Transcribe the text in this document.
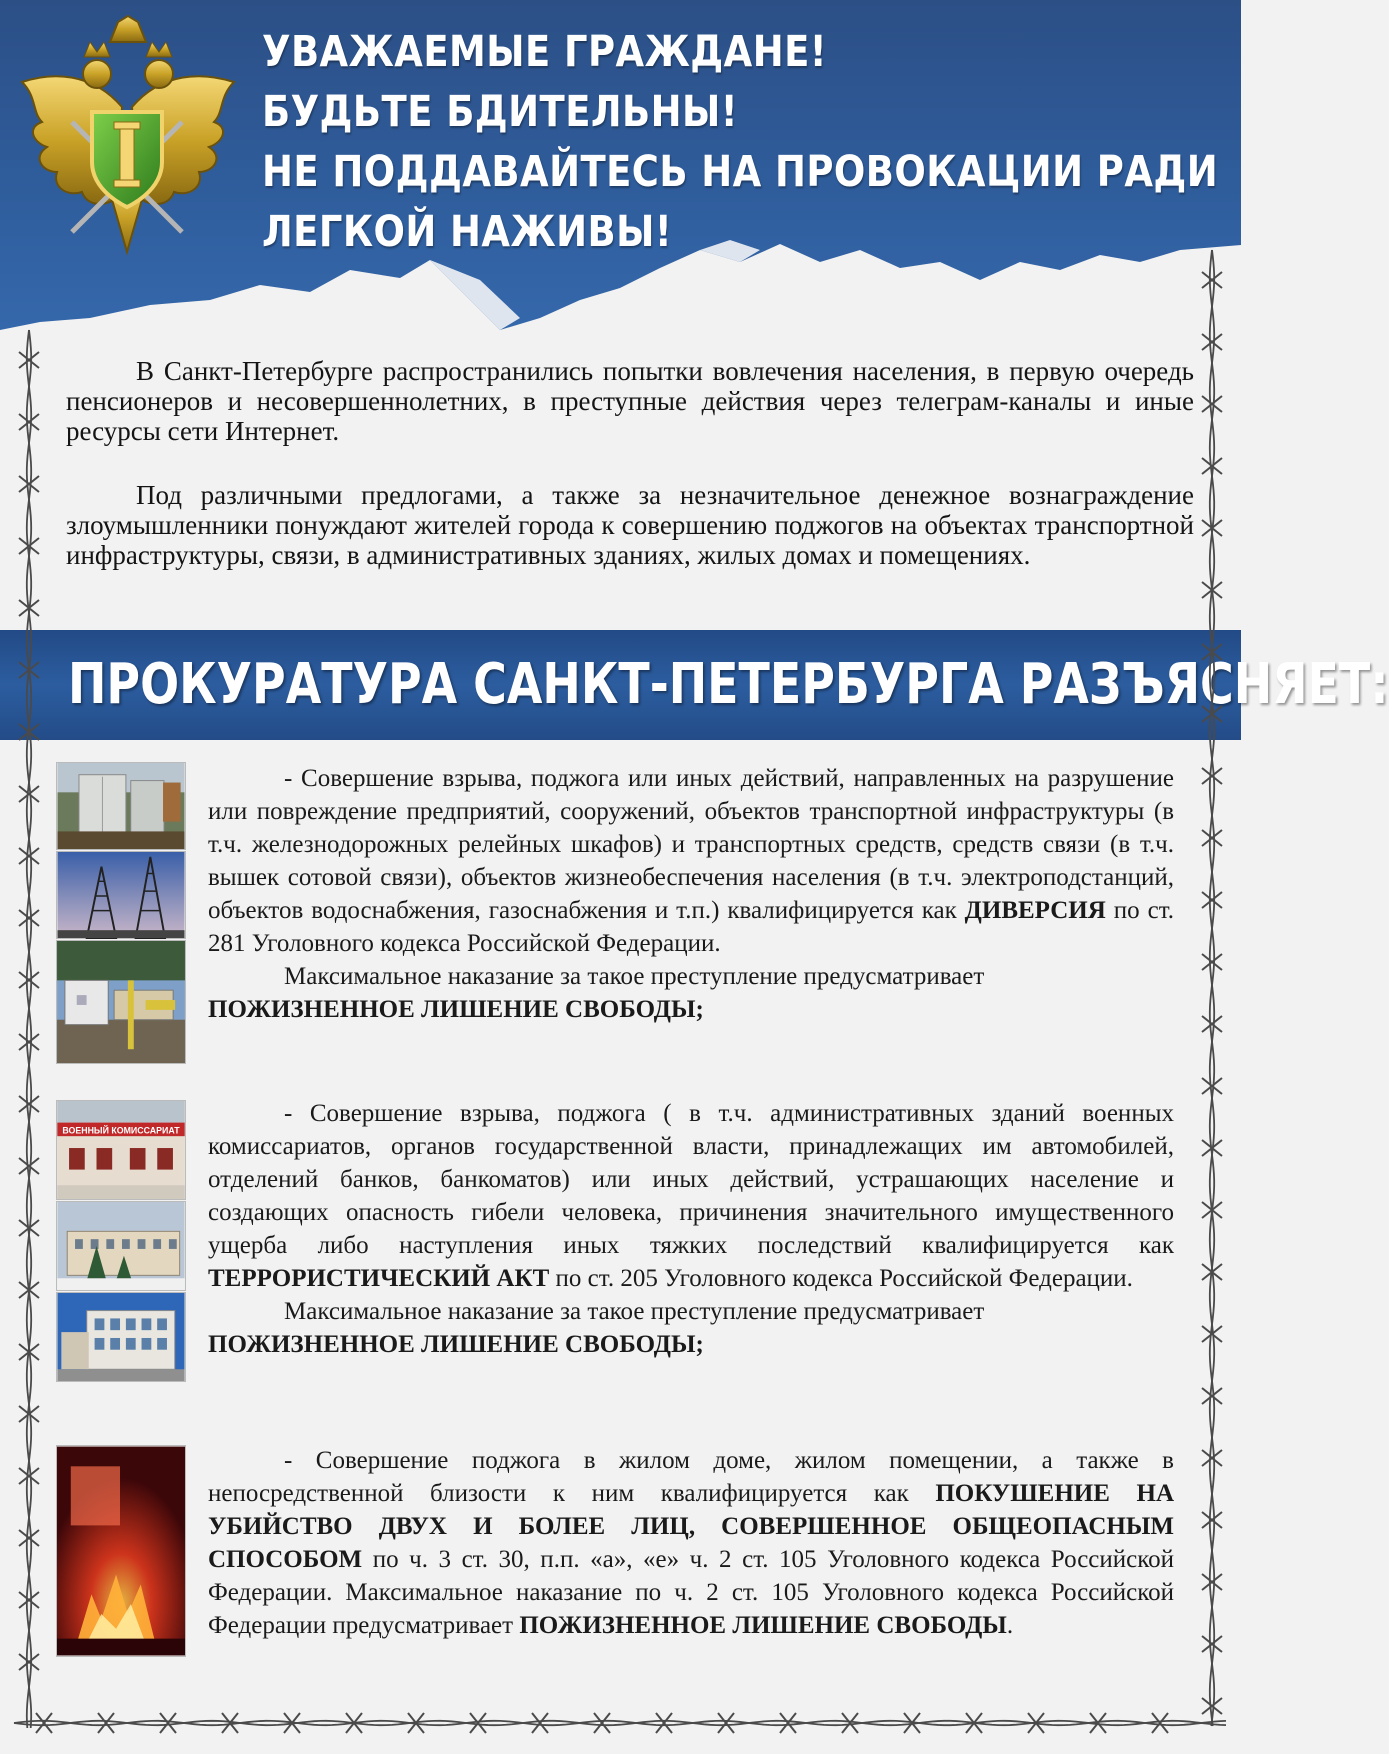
УВАЖАЕМЫЕ ГРАЖДАНЕ!
БУДЬТЕ БДИТЕЛЬНЫ!
НЕ ПОДДАВАЙТЕСЬ НА ПРОВОКАЦИИ РАДИ
ЛЕГКОЙ НАЖИВЫ!

В Санкт-Петербурге распространились попытки вовлечения населения, в первую очередь пенсионеров и несовершеннолетних, в преступные действия через телеграм-каналы и иные ресурсы сети Интернет.

Под различными предлогами, а также за незначительное денежное вознаграждение злоумышленники понуждают жителей города к совершению поджогов на объектах транспортной инфраструктуры, связи, в административных зданиях, жилых домах и помещениях.

ПРОКУРАТУРА САНКТ-ПЕТЕРБУРГА РАЗЪЯСНЯЕТ:
ВОЕННЫЙ КОМИССАРИАТ

- Совершение взрыва, поджога или иных действий, направленных на разрушение или повреждение предприятий, сооружений, объектов транспортной инфраструктуры (в т.ч. железнодорожных релейных шкафов) и транспортных средств, средств связи (в т.ч. вышек сотовой связи), объектов жизнеобеспечения населения (в т.ч. электроподстанций, объектов водоснабжения, газоснабжения и т.п.) квалифицируется как ДИВЕРСИЯ по ст. 281 Уголовного кодекса Российской Федерации.

Максимальное наказание за такое преступление предусматривает

ПОЖИЗНЕННОЕ ЛИШЕНИЕ СВОБОДЫ;

- Совершение взрыва, поджога ( в т.ч. административных зданий военных комиссариатов, органов государственной власти, принадлежащих им автомобилей, отделений банков, банкоматов) или иных действий, устрашающих население и создающих опасность гибели человека, причинения значительного имущественного ущерба либо наступления иных тяжких последствий квалифицируется как ТЕРРОРИСТИЧЕСКИЙ АКТ по ст. 205 Уголовного кодекса Российской Федерации.

Максимальное наказание за такое преступление предусматривает

ПОЖИЗНЕННОЕ ЛИШЕНИЕ СВОБОДЫ;

- Совершение поджога в жилом доме, жилом помещении, а также в непосредственной близости к ним квалифицируется как ПОКУШЕНИЕ НА УБИЙСТВО ДВУХ И БОЛЕЕ ЛИЦ, СОВЕРШЕННОЕ ОБЩЕОПАСНЫМ СПОСОБОМ по ч. 3 ст. 30, п.п. «а», «е» ч. 2 ст. 105 Уголовного кодекса Российской Федерации. Максимальное наказание по ч. 2 ст. 105 Уголовного кодекса Российской Федерации предусматривает ПОЖИЗНЕННОЕ ЛИШЕНИЕ СВОБОДЫ.
